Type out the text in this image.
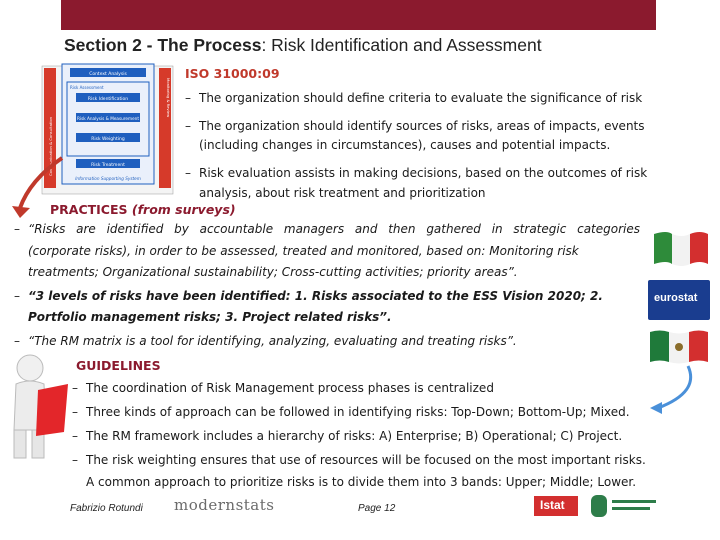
Section 2 - The Process: Risk Identification and Assessment
Context Analysis
Risk Assessment
Risk Identification
Risk Analysis & Measurement
Risk Weighting
Risk Treatment
Information Supporting System
Communication & Consultation
Monitoring & Review
ISO 31000:09
– The organization should define criteria to evaluate the significance of risk
– The organization should identify sources of risks, areas of impacts, events
(including changes in circumstances), causes and potential impacts.
– Risk evaluation assists in making decisions, based on the outcomes of risk
analysis, about risk treatment and prioritization
PRACTICES (from surveys)
– “Risks are identified by accountable managers and then gathered in strategic categories
(corporate risks), in order to be assessed, treated and monitored, based on: Monitoring risk
treatments; Organizational sustainability; Cross-cutting activities; priority areas”.
– “3 levels of risks have been identified: 1. Risks associated to the ESS Vision 2020; 2.
Portfolio management risks; 3. Project related risks”.
– “The RM matrix is a tool for identifying, analyzing, evaluating and treating risks”.
eurostat
GUIDELINES
– The coordination of Risk Management process phases is centralized
– Three kinds of approach can be followed in identifying risks: Top-Down; Bottom-Up; Mixed.
– The RM framework includes a hierarchy of risks: A) Enterprise; B) Operational; C) Project.
– The risk weighting ensures that use of resources will be focused on the most important risks.
A common approach to prioritize risks is to divide them into 3 bands: Upper; Middle; Lower.
Fabrizio Rotundi modernstats	Page 12	Istat
